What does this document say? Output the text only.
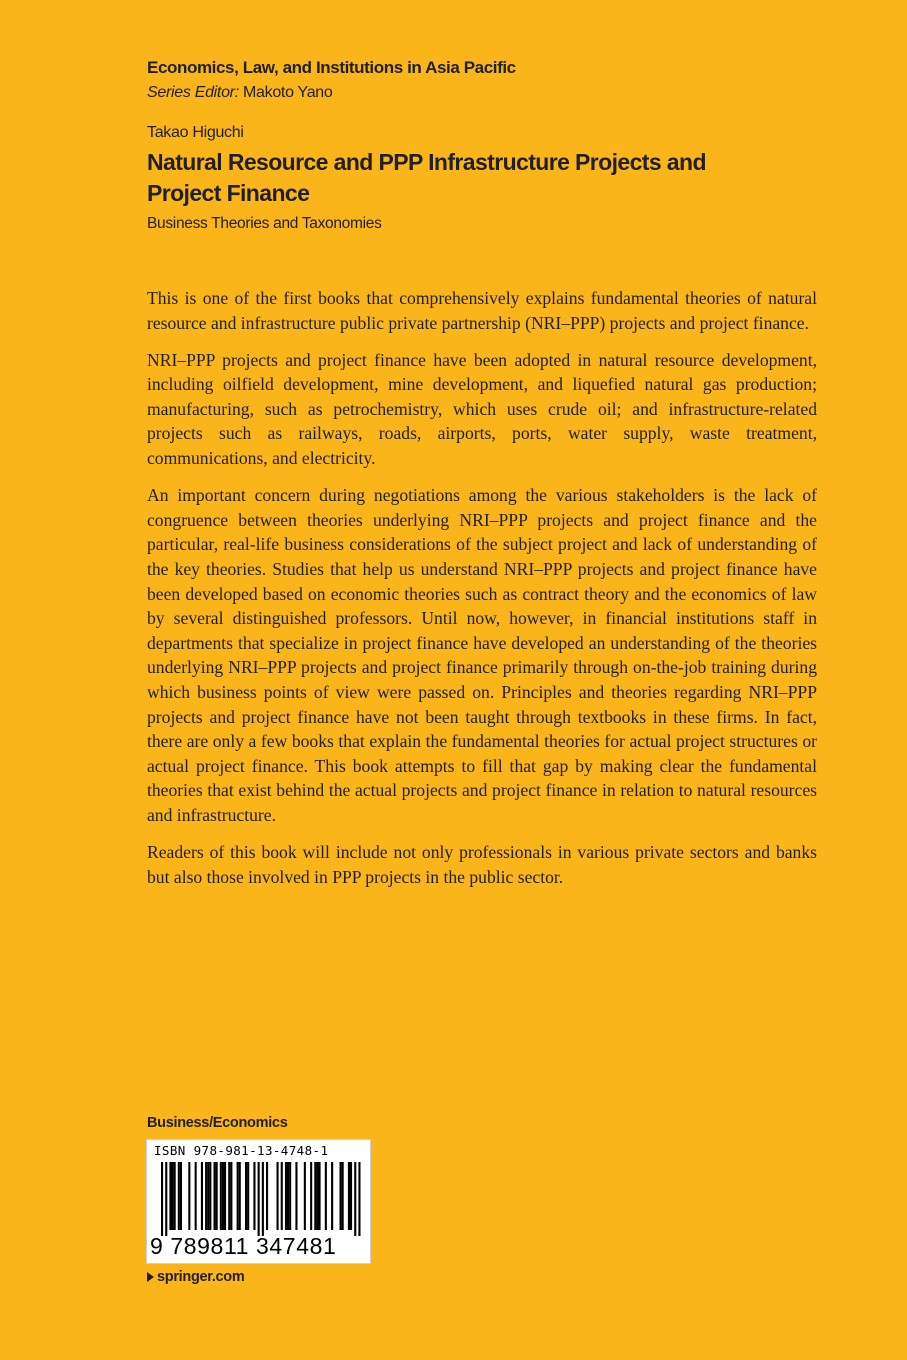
Economics, Law, and Institutions in Asia Pacific
Series Editor: Makoto Yano
Takao Higuchi
Natural Resource and PPP Infrastructure Projects and Project Finance
Business Theories and Taxonomies

This is one of the first books that comprehensively explains fundamental theories of natural resource and infrastructure public private partnership (NRI–PPP) projects and project finance.

NRI–PPP projects and project finance have been adopted in natural resource development, including oilfield development, mine development, and liquefied natural gas production; manufacturing, such as petrochemistry, which uses crude oil; and infrastructure-related projects such as railways, roads, airports, ports, water supply, waste treatment, communications, and electricity.

An important concern during negotiations among the various stakeholders is the lack of congruence between theories underlying NRI–PPP projects and project finance and the particular, real-life business considerations of the subject project and lack of understanding of the key theories. Studies that help us understand NRI–PPP projects and project finance have been developed based on economic theories such as contract theory and the economics of law by several distinguished professors. Until now, however, in financial institutions staff in departments that specialize in project finance have developed an understanding of the theories underlying NRI–PPP projects and project finance primarily through on-the-job training during which business points of view were passed on. Principles and theories regarding NRI–PPP projects and project finance have not been taught through textbooks in these firms. In fact, there are only a few books that explain the fundamental theories for actual project structures or actual project finance. This book attempts to fill that gap by making clear the fundamental theories that exist behind the actual projects and project finance in relation to natural resources and infrastructure.

Readers of this book will include not only professionals in various private sectors and banks but also those involved in PPP projects in the public sector.

Business/Economics
ISBN 978-981-13-4748-1
9 789811 347481
springer.com
